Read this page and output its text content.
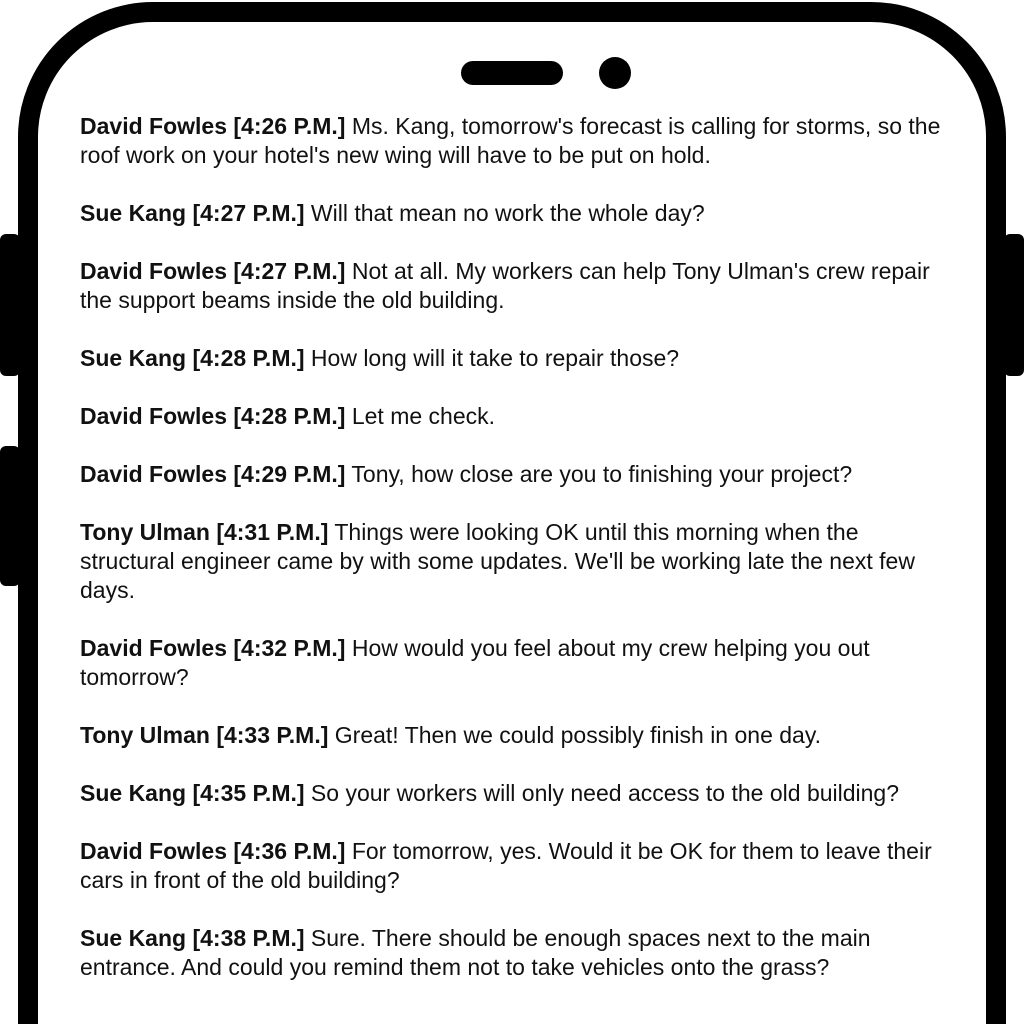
David Fowles [4:26 P.M.] Ms. Kang, tomorrow's forecast is calling for storms, so the roof work on your hotel's new wing will have to be put on hold.

Sue Kang [4:27 P.M.] Will that mean no work the whole day?

David Fowles [4:27 P.M.] Not at all. My workers can help Tony Ulman's crew repair the support beams inside the old building.

Sue Kang [4:28 P.M.] How long will it take to repair those?

David Fowles [4:28 P.M.] Let me check.

David Fowles [4:29 P.M.] Tony, how close are you to finishing your project?

Tony Ulman [4:31 P.M.] Things were looking OK until this morning when the structural engineer came by with some updates. We'll be working late the next few days.

David Fowles [4:32 P.M.] How would you feel about my crew helping you out tomorrow?

Tony Ulman [4:33 P.M.] Great! Then we could possibly finish in one day.

Sue Kang [4:35 P.M.] So your workers will only need access to the old building?

David Fowles [4:36 P.M.] For tomorrow, yes. Would it be OK for them to leave their cars in front of the old building?

Sue Kang [4:38 P.M.] Sure. There should be enough spaces next to the main entrance. And could you remind them not to take vehicles onto the grass?
